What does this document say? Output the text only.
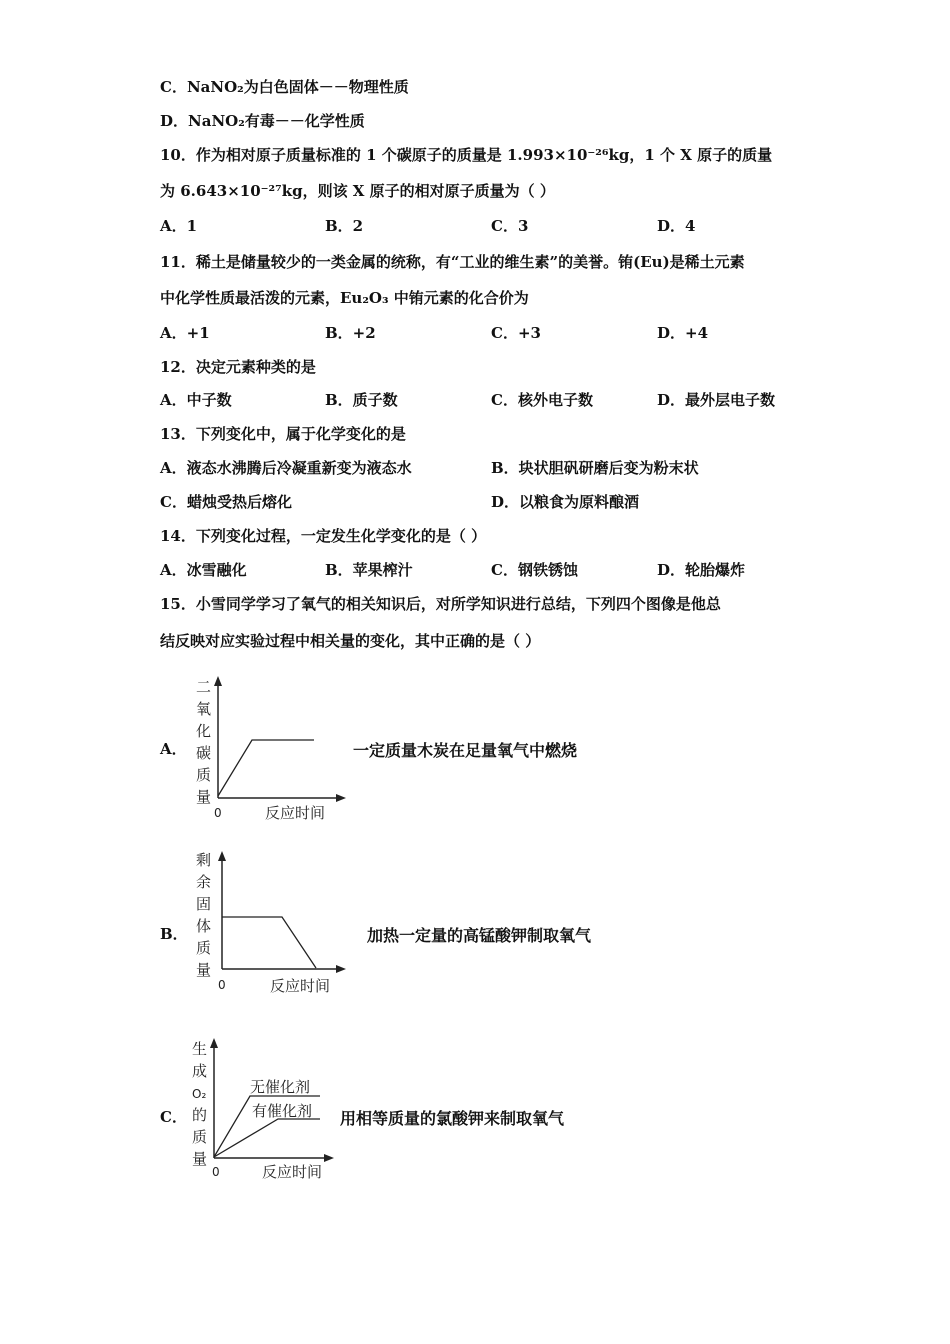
C．NaNO₂为白色固体－－物理性质
D．NaNO₂有毒－－化学性质
10．作为相对原子质量标准的 1 个碳原子的质量是 1.993×10⁻²⁶kg，1 个 X 原子的质量
为 6.643×10⁻²⁷kg，则该 X 原子的相对原子质量为（ ）
A．1	B．2	C．3	D．4
11．稀土是储量较少的一类金属的统称，有“工业的维生素”的美誉。铕(Eu)是稀土元素
中化学性质最活泼的元素，Eu₂O₃ 中铕元素的化合价为
A．+1	B．+2	C．+3	D．+4
12．决定元素种类的是
A．中子数	B．质子数	C．核外电子数	D．最外层电子数
13．下列变化中，属于化学变化的是
A．液态水沸腾后冷凝重新变为液态水	B．块状胆矾研磨后变为粉末状
C．蜡烛受热后熔化	D．以粮食为原料酿酒
14．下列变化过程，一定发生化学变化的是（ ）
A．冰雪融化	B．苹果榨汁	C．钢铁锈蚀	D．轮胎爆炸
15．小雪同学学习了氧气的相关知识后，对所学知识进行总结，下列四个图像是他总
结反映对应实验过程中相关量的变化，其中正确的是（ ）
A．
二
氧
化
碳
质
量
0	反应时间
一定质量木炭在足量氧气中燃烧
B．
剩
余
固
体
质
量
0	反应时间
加热一定量的高锰酸钾制取氧气
C．
生
成
O₂
的
质
量
无催化剂
有催化剂
0	反应时间
用相等质量的氯酸钾来制取氧气
